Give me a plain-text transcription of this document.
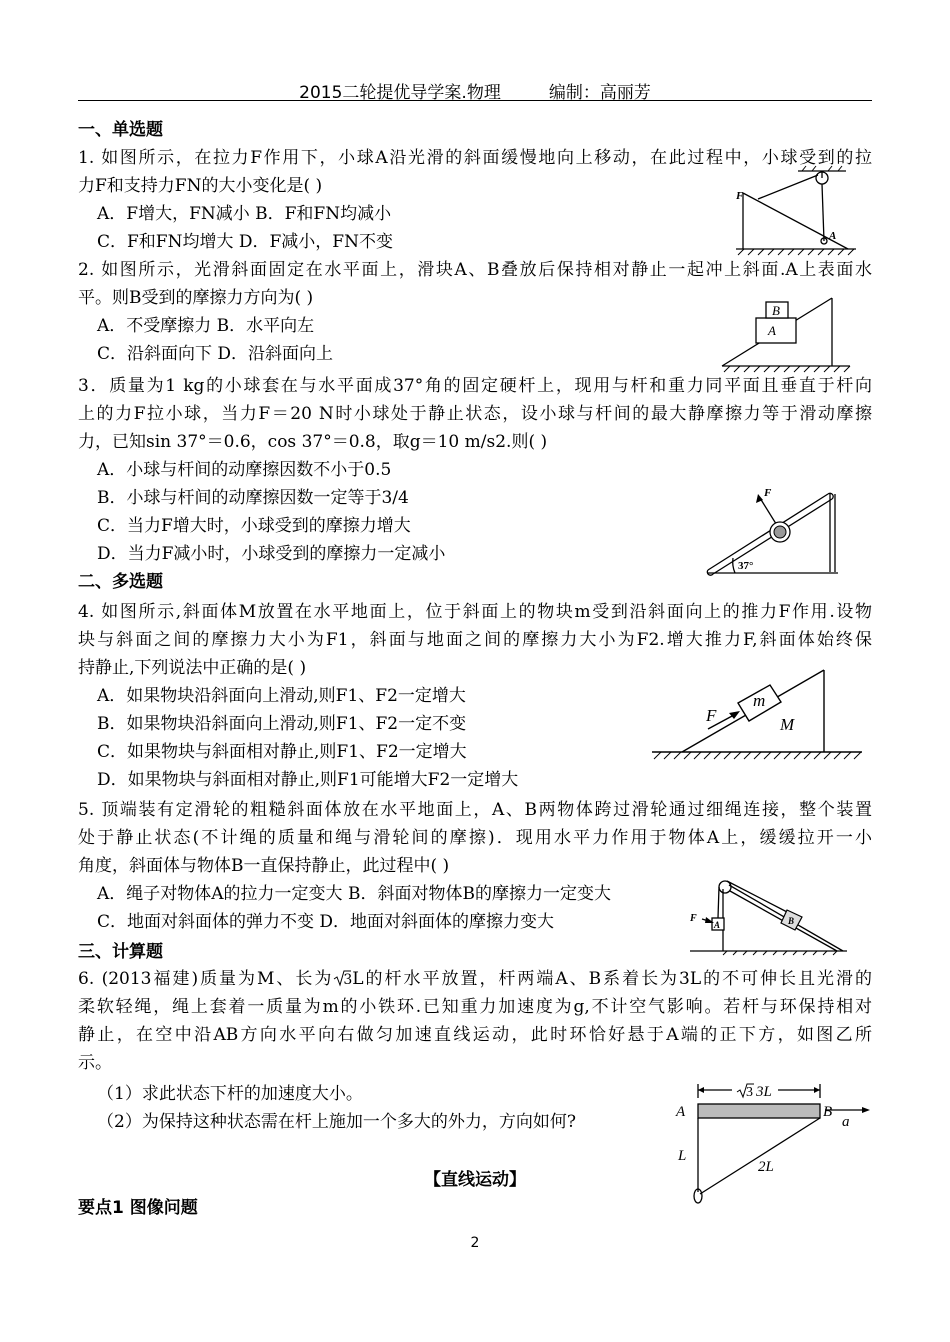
2015二轮提优导学案.物理	编制：高丽芳
一、单选题
1. 如图所示，在拉力F作用下，小球A沿光滑的斜面缓慢地向上移动，在此过程中，小球受到的拉
力F和支持力FN的大小变化是( )
A．F增大，FN减小 B．F和FN均减小
C．F和FN均增大 D．F减小，FN不变
F
A
2. 如图所示，光滑斜面固定在水平面上，滑块A、B叠放后保持相对静止一起冲上斜面.A上表面水
平。则B受到的摩擦力方向为( )
A．不受摩擦力 B．水平向左
C．沿斜面向下 D．沿斜面向上
A
B
3．质量为1 kg的小球套在与水平面成37°角的固定硬杆上，现用与杆和重力同平面且垂直于杆向
上的力F拉小球，当力F＝20 N时小球处于静止状态，设小球与杆间的最大静摩擦力等于滑动摩擦
力，已知sin 37°＝0.6，cos 37°＝0.8，取g＝10 m/s2.则( )
A．小球与杆间的动摩擦因数不小于0.5
B．小球与杆间的动摩擦因数一定等于3/4
C．当力F增大时，小球受到的摩擦力增大
D．当力F减小时，小球受到的摩擦力一定减小
F
37°
二、多选题
4. 如图所示,斜面体M放置在水平地面上，位于斜面上的物块m受到沿斜面向上的推力F作用.设物
块与斜面之间的摩擦力大小为F1，斜面与地面之间的摩擦力大小为F2.增大推力F,斜面体始终保
持静止,下列说法中正确的是( )
A．如果物块沿斜面向上滑动,则F1、F2一定增大
B．如果物块沿斜面向上滑动,则F1、F2一定不变
C．如果物块与斜面相对静止,则F1、F2一定增大
D．如果物块与斜面相对静止,则F1可能增大F2一定增大
F
m
M
5. 顶端装有定滑轮的粗糙斜面体放在水平地面上，A、B两物体跨过滑轮通过细绳连接，整个装置
处于静止状态(不计绳的质量和绳与滑轮间的摩擦)．现用水平力作用于物体A上，缓缓拉开一小
角度，斜面体与物体B一直保持静止，此过程中( )
A．绳子对物体A的拉力一定变大 B．斜面对物体B的摩擦力一定变大
C．地面对斜面体的弹力不变 D．地面对斜面体的摩擦力变大	F
A	B
三、计算题
6. (2013福建)质量为M、长为 3L的杆水平放置，杆两端A、B系着长为3L的不可伸长且光滑的
柔软轻绳，绳上套着一质量为m的小铁环.已知重力加速度为g,不计空气影响。若杆与环保持相对
静止，在空中沿AB方向水平向右做匀加速直线运动，此时环恰好悬于A端的正下方，如图乙所
示。
（1）求此状态下杆的加速度大小。
（2）为保持这种状态需在杆上施加一个多大的外力，方向如何?
3 3L
A	B
a
L
2L
【直线运动】
要点1 图像问题
2
